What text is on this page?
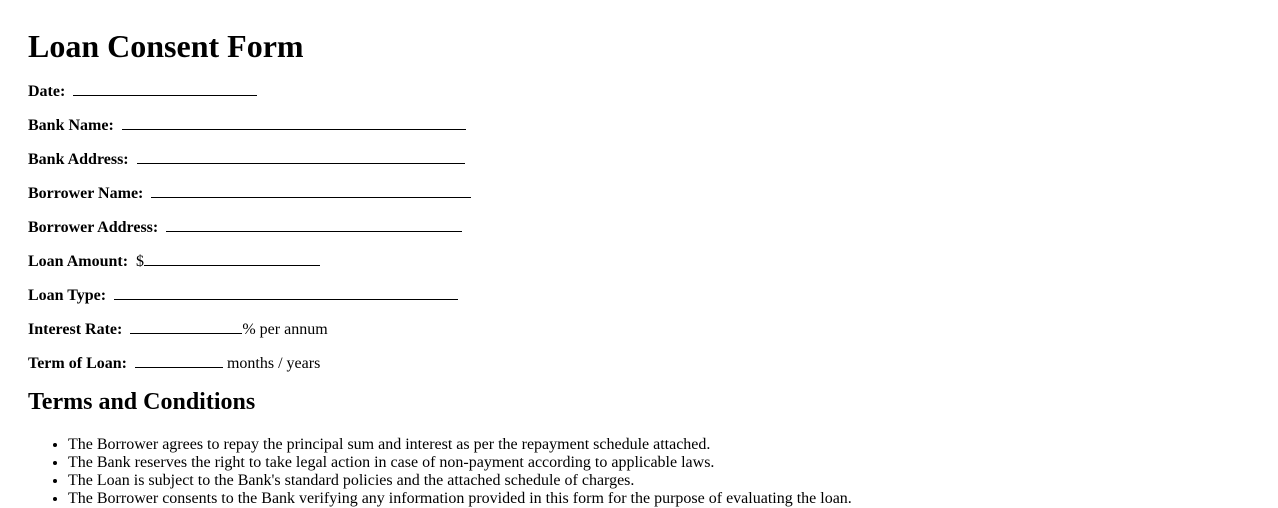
Loan Consent Form
Date:
Bank Name:
Bank Address:
Borrower Name:
Borrower Address:
Loan Amount: $
Loan Type:
Interest Rate:	% per annum
Term of Loan:	months / years
Terms and Conditions
• The Borrower agrees to repay the principal sum and interest as per the repayment schedule attached.
• The Bank reserves the right to take legal action in case of non-payment according to applicable laws.
• The Loan is subject to the Bank's standard policies and the attached schedule of charges.
• The Borrower consents to the Bank verifying any information provided in this form for the purpose of evaluating the loan.
